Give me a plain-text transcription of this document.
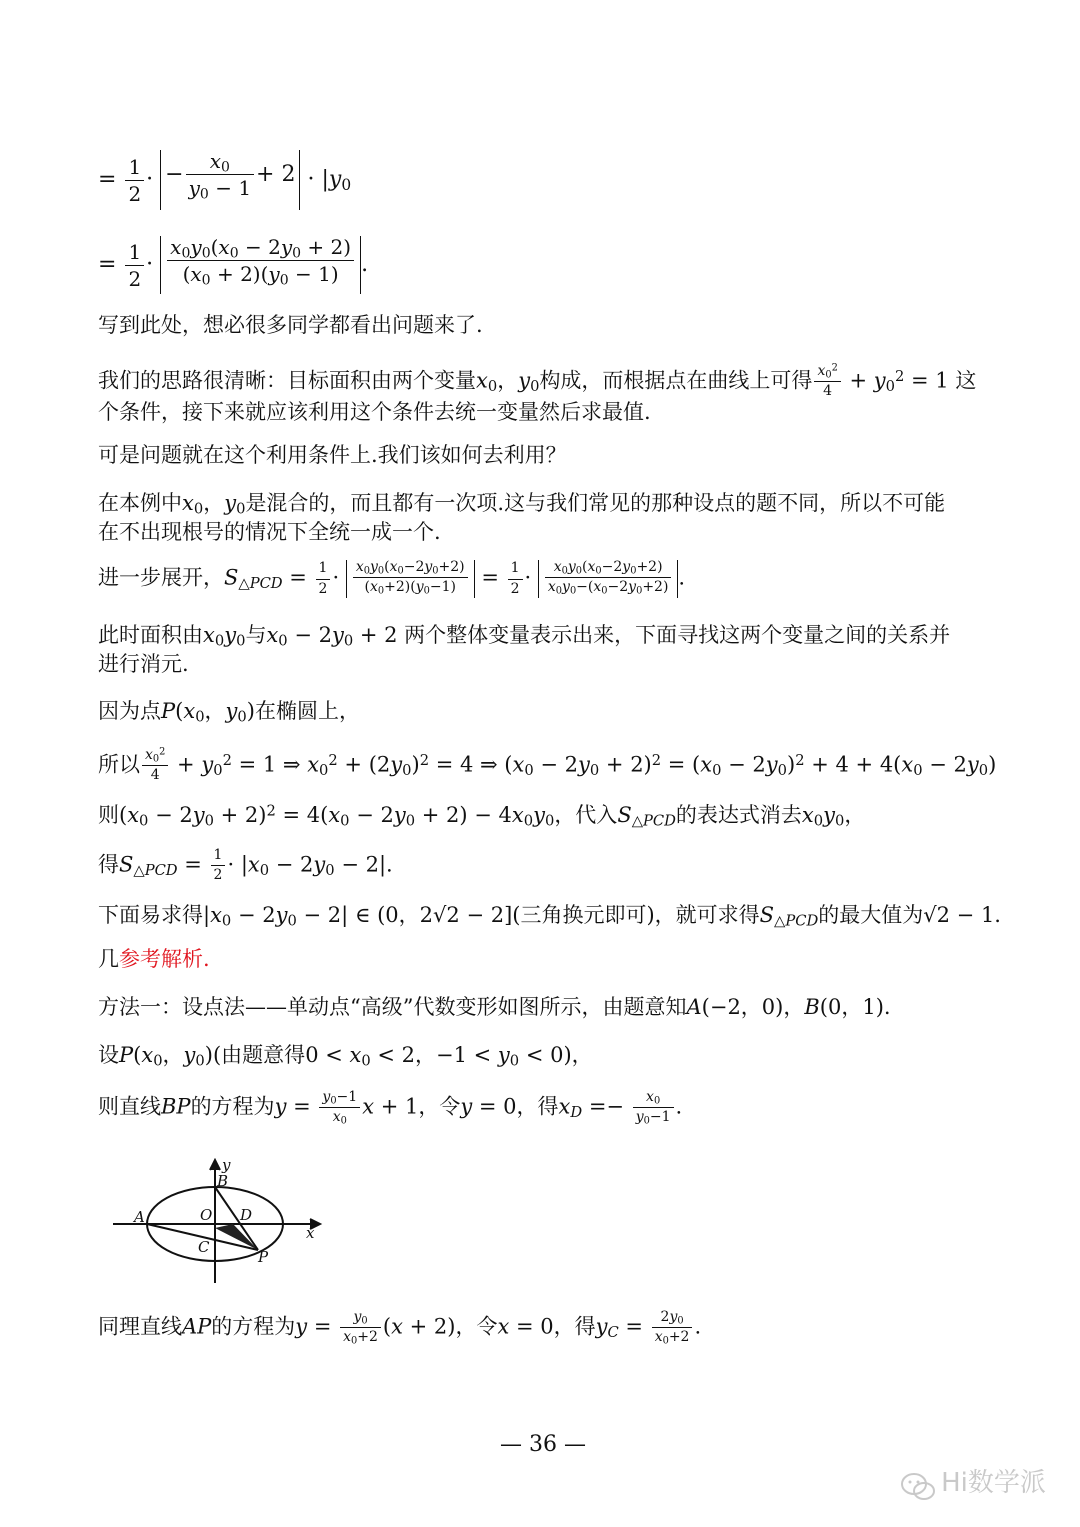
= $\frac{1}{2}$ · − $\frac{x_0}{y_0 - 1} + 2 \cdot |y_0$
= $\frac{1}{2} \cdot \frac{x_0y_0(x_0 - 2y_0 + 2)}{(x_0 + 2)(y_0 - 1)}$ .
写到此处，想必很多同学都看出问题来了.
我们的思路很清晰：目标面积由两个变量$x_0$，$y_0$构成，而根据点在曲线上可得 $\frac{x_0^2}{4} + y_0^2 = 1$ 这
个条件，接下来就应该利用这个条件去统一变量然后求最值.
可是问题就在这个利用条件上.我们该如何去利用？
在本例中$x_0$，$y_0$是混合的，而且都有一次项.这与我们常见的那种设点的题不同，所以不可能
在不出现根号的情况下全统一成一个.
进一步展开，$S_{\triangle PCD} = \frac{1}{2} \cdot \frac{x_0y_0(x_0-2y_0+2)}{(x_0+2)(y_0-1)} = \frac{1}{2} \cdot \frac{x_0y_0(x_0-2y_0+2)}{x_0y_0-(x_0-2y_0+2)}$ .
此时面积由$x_0y_0$与$x_0 - 2y_0 + 2$ 两个整体变量表示出来，下面寻找这两个变量之间的关系并
进行消元.
因为点$P(x_0$，$y_0$)在椭圆上，
所以 $\frac{x_0^2}{4} + y_0^2 = 1$ ⇒ $x_0^2 + (2y_0)^2 = 4$ ⇒ $(x_0 - 2y_0 + 2)^2 = (x_0 - 2y_0)^2 + 4 + 4(x_0 - 2y_0)$
则$(x_0 - 2y_0 + 2)^2 = 4(x_0 - 2y_0 + 2) - 4x_0y_0$，代入$S_{\triangle PCD}$的表达式消去$x_0y_0$，
得$S_{\triangle PCD} = \frac{1}{2} \cdot |x_0 - 2y_0 - 2|$.
下面易求得$|x_0 - 2y_0 - 2|$ ∈ (0，2√2 − 2](三角换元即可)，就可求得$S_{\triangle PCD}$的最大值为√2 − 1.
几参考解析.
方法一：设点法——单动点“高级”代数变形如图所示，由题意知A(−2，0)，B(0，1).
设$P(x_0$，$y_0$)(由题意得$0 < x_0 < 2$，$-1 < y_0 < 0$)，
则直线BP的方程为$y = \frac{y_0-1}{x_0}$ x + 1，令y = 0，得$x_D =- \frac{x_0}{y_0-1}$ .
y
B
A	O D
C
P
x
同理直线AP的方程为$y = \frac{y_0}{x_0+2} (x + 2)$，令x = 0，得$y_C = \frac{2y_0}{x_0+2}$ .
— 36 —
Hi数学派
